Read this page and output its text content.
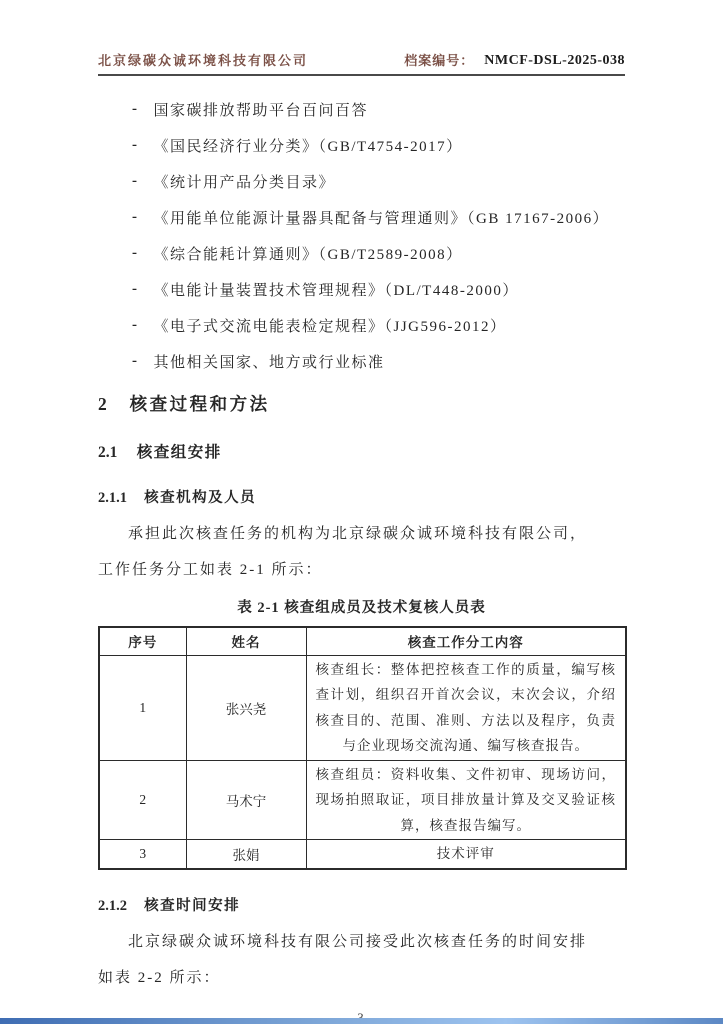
北京绿碳众诚环境科技有限公司	档案编号： NMCF-DSL-2025-038
- 国家碳排放帮助平台百问百答
- 《国民经济行业分类》（GB/T4754-2017）
- 《统计用产品分类目录》
- 《用能单位能源计量器具配备与管理通则》（GB 17167-2006）
- 《综合能耗计算通则》（GB/T2589-2008）
- 《电能计量装置技术管理规程》（DL/T448-2000）
- 《电子式交流电能表检定规程》（JJG596-2012）
- 其他相关国家、地方或行业标准
2 核查过程和方法
2.1 核查组安排
2.1.1 核查机构及人员
承担此次核查任务的机构为北京绿碳众诚环境科技有限公司，
工作任务分工如表 2-1 所示：
表 2-1 核查组成员及技术复核人员表
序号	姓名	核查工作分工内容
1	张兴尧	核查组长：整体把控核查工作的质量，编写核查计划，组织召开首次会议，末次会议，介绍核查目的、范围、准则、方法以及程序，负责与企业现场交流沟通、编写核查报告。
2	马术宁	核查组员：资料收集、文件初审、现场访问，现场拍照取证，项目排放量计算及交叉验证核算，核查报告编写。
3	张娟	技术评审
2.1.2 核查时间安排
北京绿碳众诚环境科技有限公司接受此次核查任务的时间安排
如表 2-2 所示：
